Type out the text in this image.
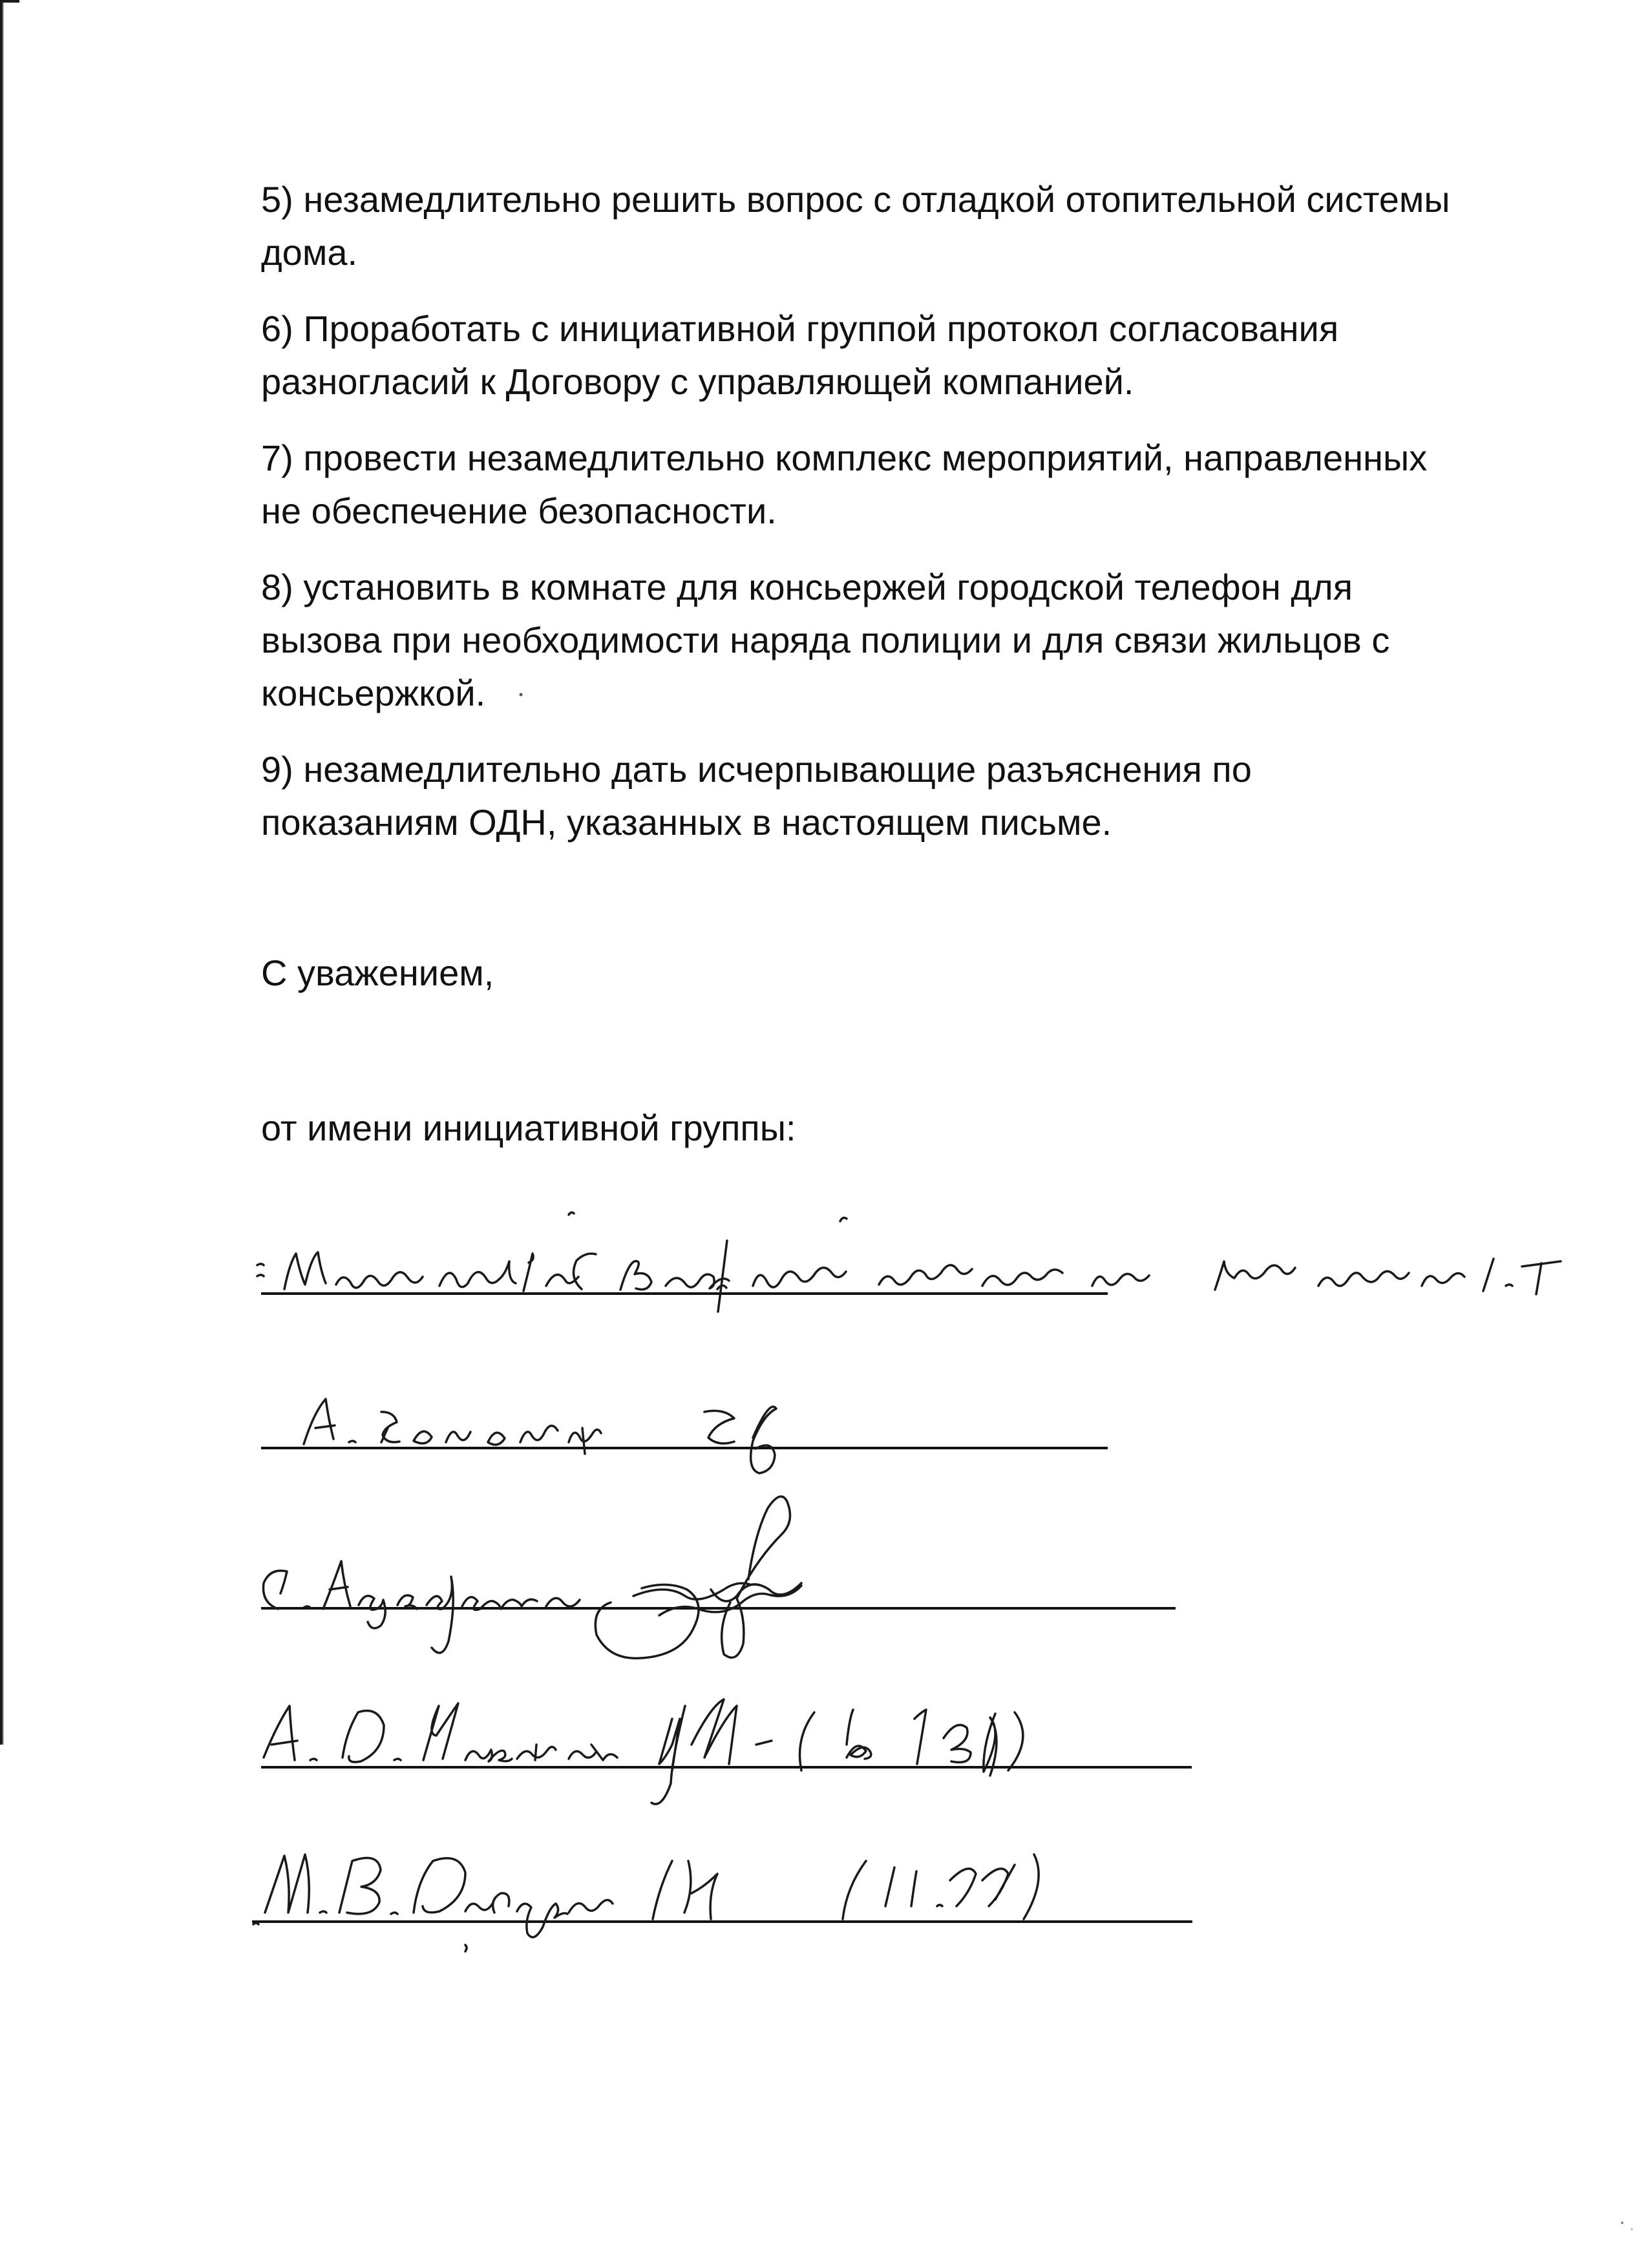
5) незамедлительно решить вопрос с отладкой отопительной системы
дома.

6) Проработать с инициативной группой протокол согласования
разногласий к Договору с управляющей компанией.

7) провести незамедлительно комплекс мероприятий, направленных
не обеспечение безопасности.

8) установить в комнате для консьержей городской телефон для
вызова при необходимости наряда полиции и для связи жильцов с
консьержкой.

9) незамедлительно дать исчерпывающие разъяснения по
показаниям ОДН, указанных в настоящем письме.

С уважением,
от имени инициативной группы:
